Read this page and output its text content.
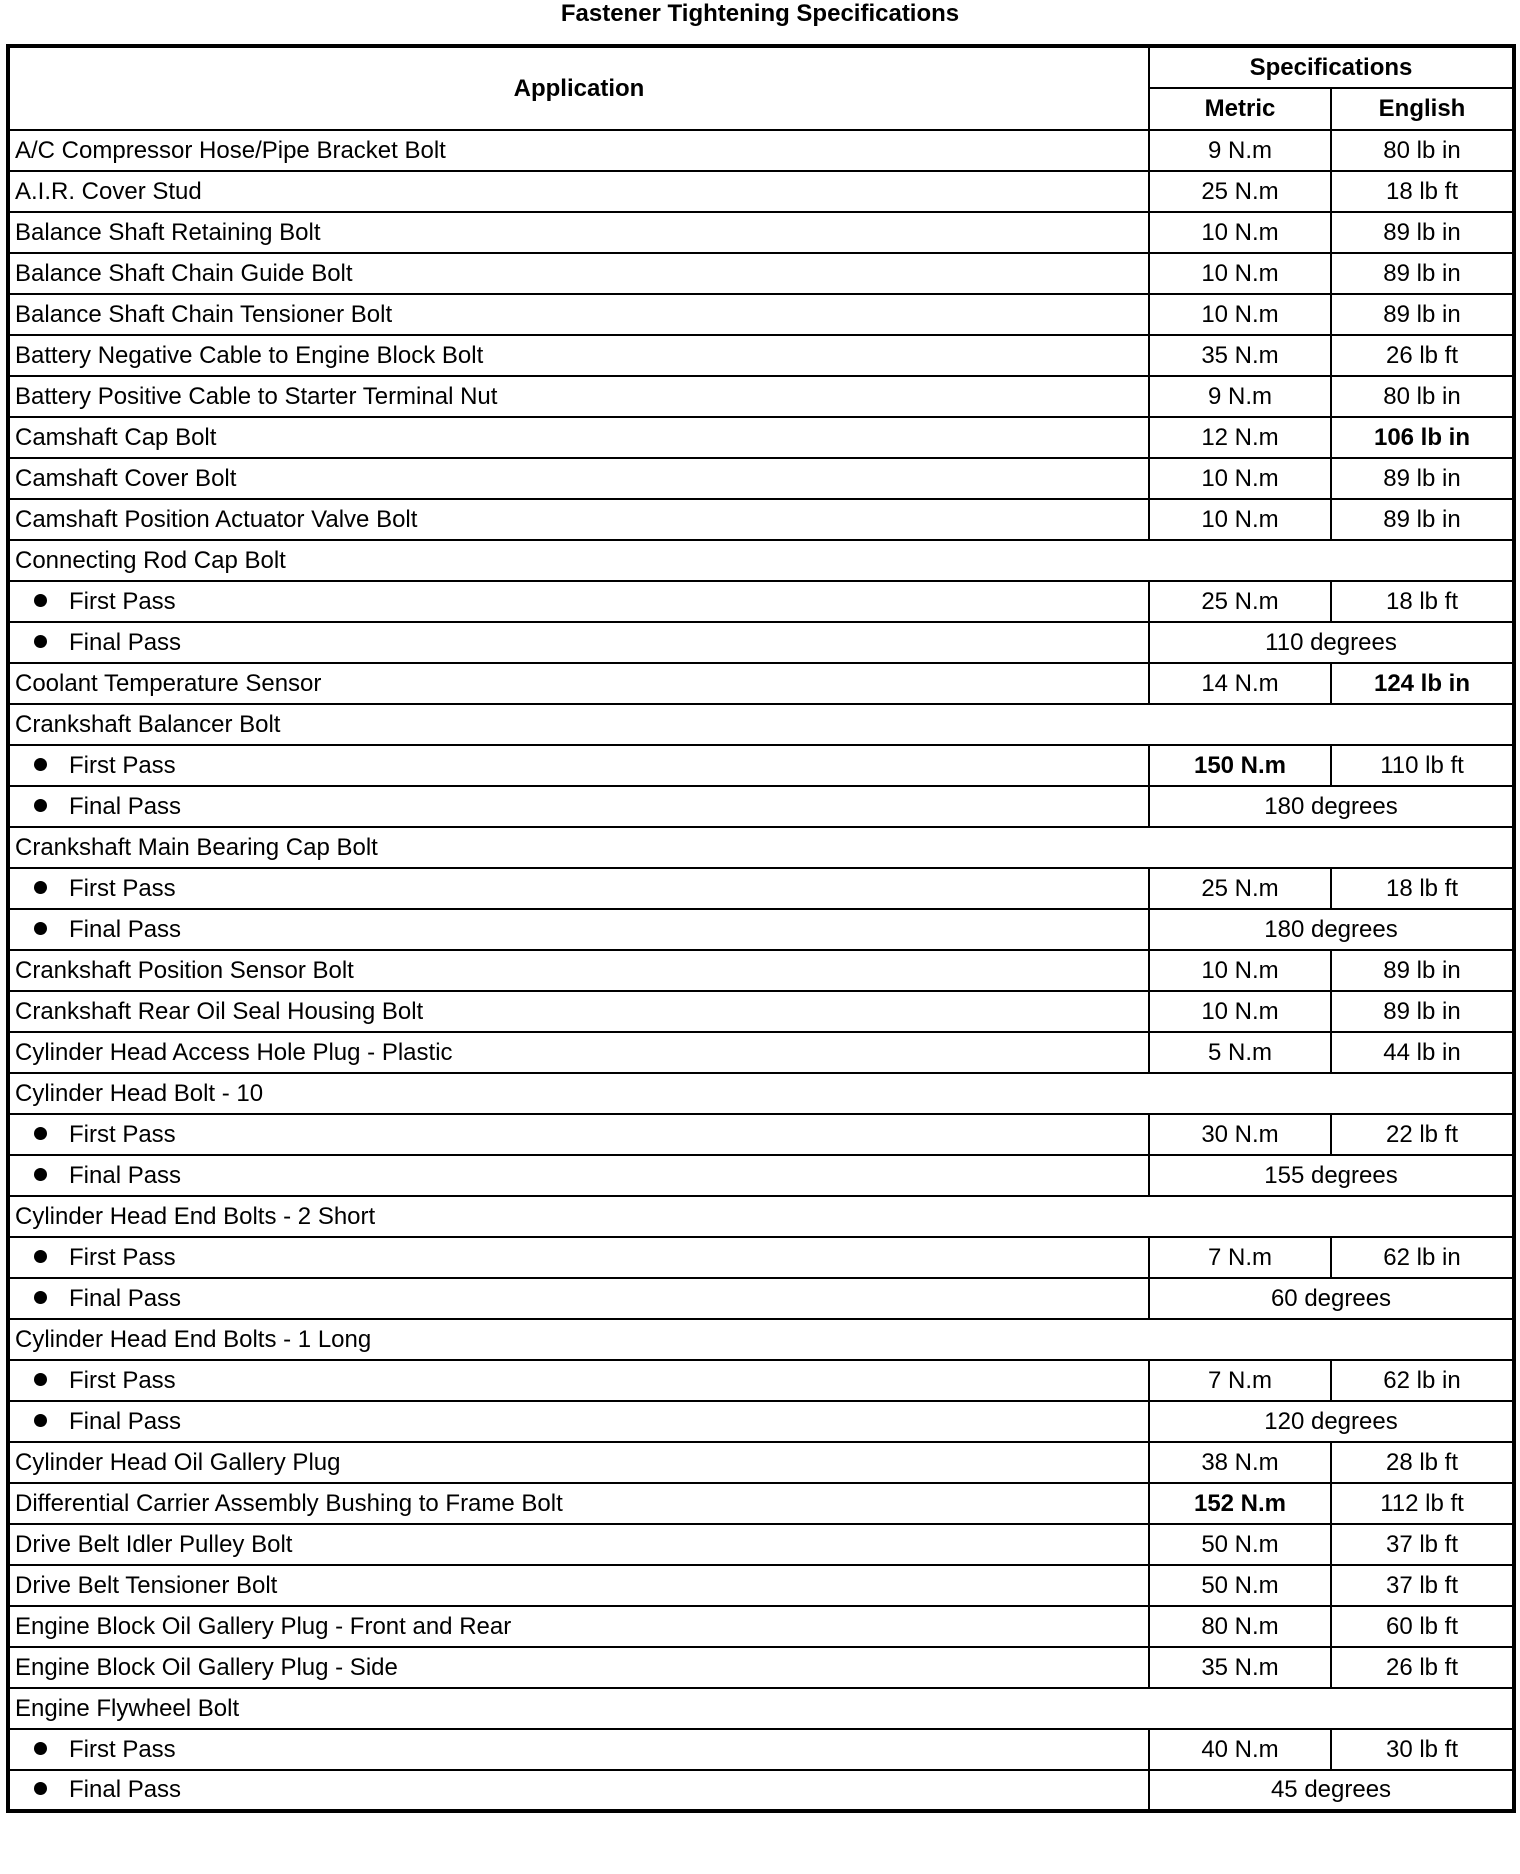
Fastener Tightening Specifications
Application	Specifications	
	Metric	English
A/C Compressor Hose/Pipe Bracket Bolt	9 N.m	80 lb in
A.I.R. Cover Stud	25 N.m	18 lb ft
Balance Shaft Retaining Bolt	10 N.m	89 lb in
Balance Shaft Chain Guide Bolt	10 N.m	89 lb in
Balance Shaft Chain Tensioner Bolt	10 N.m	89 lb in
Battery Negative Cable to Engine Block Bolt	35 N.m	26 lb ft
Battery Positive Cable to Starter Terminal Nut	9 N.m	80 lb in
Camshaft Cap Bolt	12 N.m	106 lb in
Camshaft Cover Bolt	10 N.m	89 lb in
Camshaft Position Actuator Valve Bolt	10 N.m	89 lb in
Connecting Rod Cap Bolt		
First Pass	25 N.m	18 lb ft
Final Pass	110 degrees	
Coolant Temperature Sensor	14 N.m	124 lb in
Crankshaft Balancer Bolt		
First Pass	150 N.m	110 lb ft
Final Pass	180 degrees	
Crankshaft Main Bearing Cap Bolt		
First Pass	25 N.m	18 lb ft
Final Pass	180 degrees	
Crankshaft Position Sensor Bolt	10 N.m	89 lb in
Crankshaft Rear Oil Seal Housing Bolt	10 N.m	89 lb in
Cylinder Head Access Hole Plug - Plastic	5 N.m	44 lb in
Cylinder Head Bolt - 10		
First Pass	30 N.m	22 lb ft
Final Pass	155 degrees	
Cylinder Head End Bolts - 2 Short		
First Pass	7 N.m	62 lb in
Final Pass	60 degrees	
Cylinder Head End Bolts - 1 Long		
First Pass	7 N.m	62 lb in
Final Pass	120 degrees	
Cylinder Head Oil Gallery Plug	38 N.m	28 lb ft
Differential Carrier Assembly Bushing to Frame Bolt	152 N.m	112 lb ft
Drive Belt Idler Pulley Bolt	50 N.m	37 lb ft
Drive Belt Tensioner Bolt	50 N.m	37 lb ft
Engine Block Oil Gallery Plug - Front and Rear	80 N.m	60 lb ft
Engine Block Oil Gallery Plug - Side	35 N.m	26 lb ft
Engine Flywheel Bolt		
First Pass	40 N.m	30 lb ft
Final Pass	45 degrees	
